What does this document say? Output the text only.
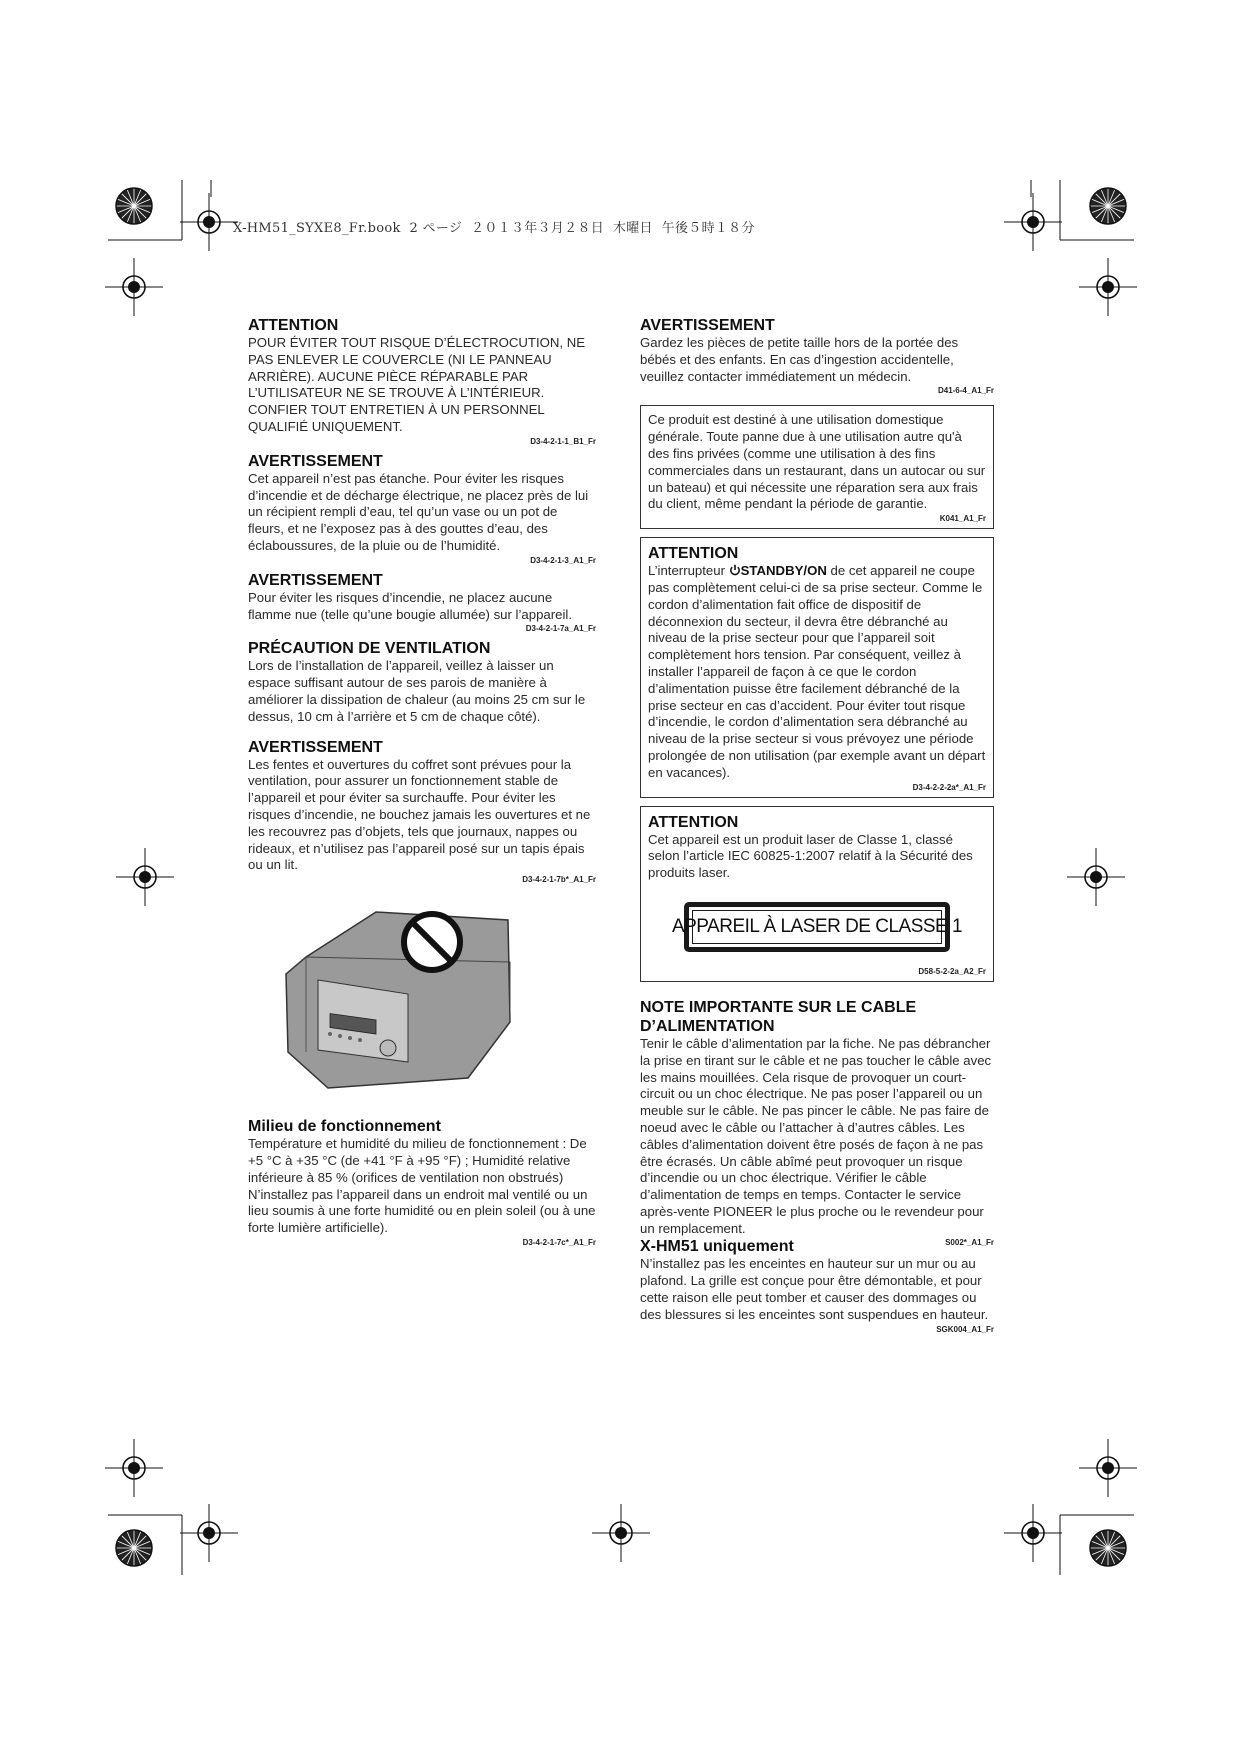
X-HM51_SYXE8_Fr.book  2 ページ  ２０１３年３月２８日  木曜日  午後５時１８分
ATTENTION

POUR ÉVITER TOUT RISQUE D’ÉLECTROCUTION, NE PAS ENLEVER LE COUVERCLE (NI LE PANNEAU ARRIÈRE). AUCUNE PIÈCE RÉPARABLE PAR L’UTILISATEUR NE SE TROUVE À L’INTÉRIEUR. CONFIER TOUT ENTRETIEN À UN PERSONNEL QUALIFIÉ UNIQUEMENT.

D3-4-2-1-1_B1_Fr
AVERTISSEMENT

Cet appareil n’est pas étanche. Pour éviter les risques d’incendie et de décharge électrique, ne placez près de lui un récipient rempli d’eau, tel qu’un vase ou un pot de fleurs, et ne l’exposez pas à des gouttes d’eau, des éclaboussures, de la pluie ou de l’humidité.

D3-4-2-1-3_A1_Fr
AVERTISSEMENT

Pour éviter les risques d’incendie, ne placez aucune flamme nue (telle qu’une bougie allumée) sur l’appareil.

D3-4-2-1-7a_A1_Fr
PRÉCAUTION DE VENTILATION

Lors de l’installation de l’appareil, veillez à laisser un espace suffisant autour de ses parois de manière à améliorer la dissipation de chaleur (au moins 25 cm sur le dessus, 10 cm à l’arrière et 5 cm de chaque côté).

AVERTISSEMENT

Les fentes et ouvertures du coffret sont prévues pour la ventilation, pour assurer un fonctionnement stable de l’appareil et pour éviter sa surchauffe. Pour éviter les risques d’incendie, ne bouchez jamais les ouvertures et ne les recouvrez pas d’objets, tels que journaux, nappes ou rideaux, et n’utilisez pas l’appareil posé sur un tapis épais ou un lit.

D3-4-2-1-7b*_A1_Fr
Milieu de fonctionnement

Température et humidité du milieu de fonctionnement : De +5 °C à +35 °C (de +41 °F à +95 °F) ; Humidité relative inférieure à 85 % (orifices de ventilation non obstrués)

N’installez pas l’appareil dans un endroit mal ventilé ou un lieu soumis à une forte humidité ou en plein soleil (ou à une forte lumière artificielle).

D3-4-2-1-7c*_A1_Fr
AVERTISSEMENT

Gardez les pièces de petite taille hors de la portée des bébés et des enfants. En cas d’ingestion accidentelle, veuillez contacter immédiatement un médecin.

D41-6-4_A1_Fr

Ce produit est destiné à une utilisation domestique générale. Toute panne due à une utilisation autre qu'à des fins privées (comme une utilisation à des fins commerciales dans un restaurant, dans un autocar ou sur un bateau) et qui nécessite une réparation sera aux frais du client, même pendant la période de garantie.

K041_A1_Fr
ATTENTION

L’interrupteur STANDBY/ON de cet appareil ne coupe pas complètement celui-ci de sa prise secteur. Comme le cordon d’alimentation fait office de dispositif de déconnexion du secteur, il devra être débranché au niveau de la prise secteur pour que l’appareil soit complètement hors tension. Par conséquent, veillez à installer l’appareil de façon à ce que le cordon d’alimentation puisse être facilement débranché de la prise secteur en cas d’accident. Pour éviter tout risque d’incendie, le cordon d’alimentation sera débranché au niveau de la prise secteur si vous prévoyez une période prolongée de non utilisation (par exemple avant un départ en vacances).

D3-4-2-2-2a*_A1_Fr
ATTENTION

Cet appareil est un produit laser de Classe 1, classé selon l’article IEC 60825-1:2007 relatif à la Sécurité des produits laser.

APPAREIL À LASER DE CLASSE 1
D58-5-2-2a_A2_Fr
NOTE IMPORTANTE SUR LE CABLE D’ALIMENTATION

Tenir le câble d’alimentation par la fiche. Ne pas débrancher la prise en tirant sur le câble et ne pas toucher le câble avec les mains mouillées. Cela risque de provoquer un court-circuit ou un choc électrique. Ne pas poser l’appareil ou un meuble sur le câble. Ne pas pincer le câble. Ne pas faire de noeud avec le câble ou l’attacher à d’autres câbles. Les câbles d’alimentation doivent être posés de façon à ne pas être écrasés. Un câble abîmé peut provoquer un risque d’incendie ou un choc électrique. Vérifier le câble d’alimentation de temps en temps. Contacter le service après-vente PIONEER le plus proche ou le revendeur pour un remplacement.

X-HM51 uniquement	S002*_A1_Fr

N’installez pas les enceintes en hauteur sur un mur ou au plafond. La grille est conçue pour être démontable, et pour cette raison elle peut tomber et causer des dommages ou des blessures si les enceintes sont suspendues en hauteur.

SGK004_A1_Fr
